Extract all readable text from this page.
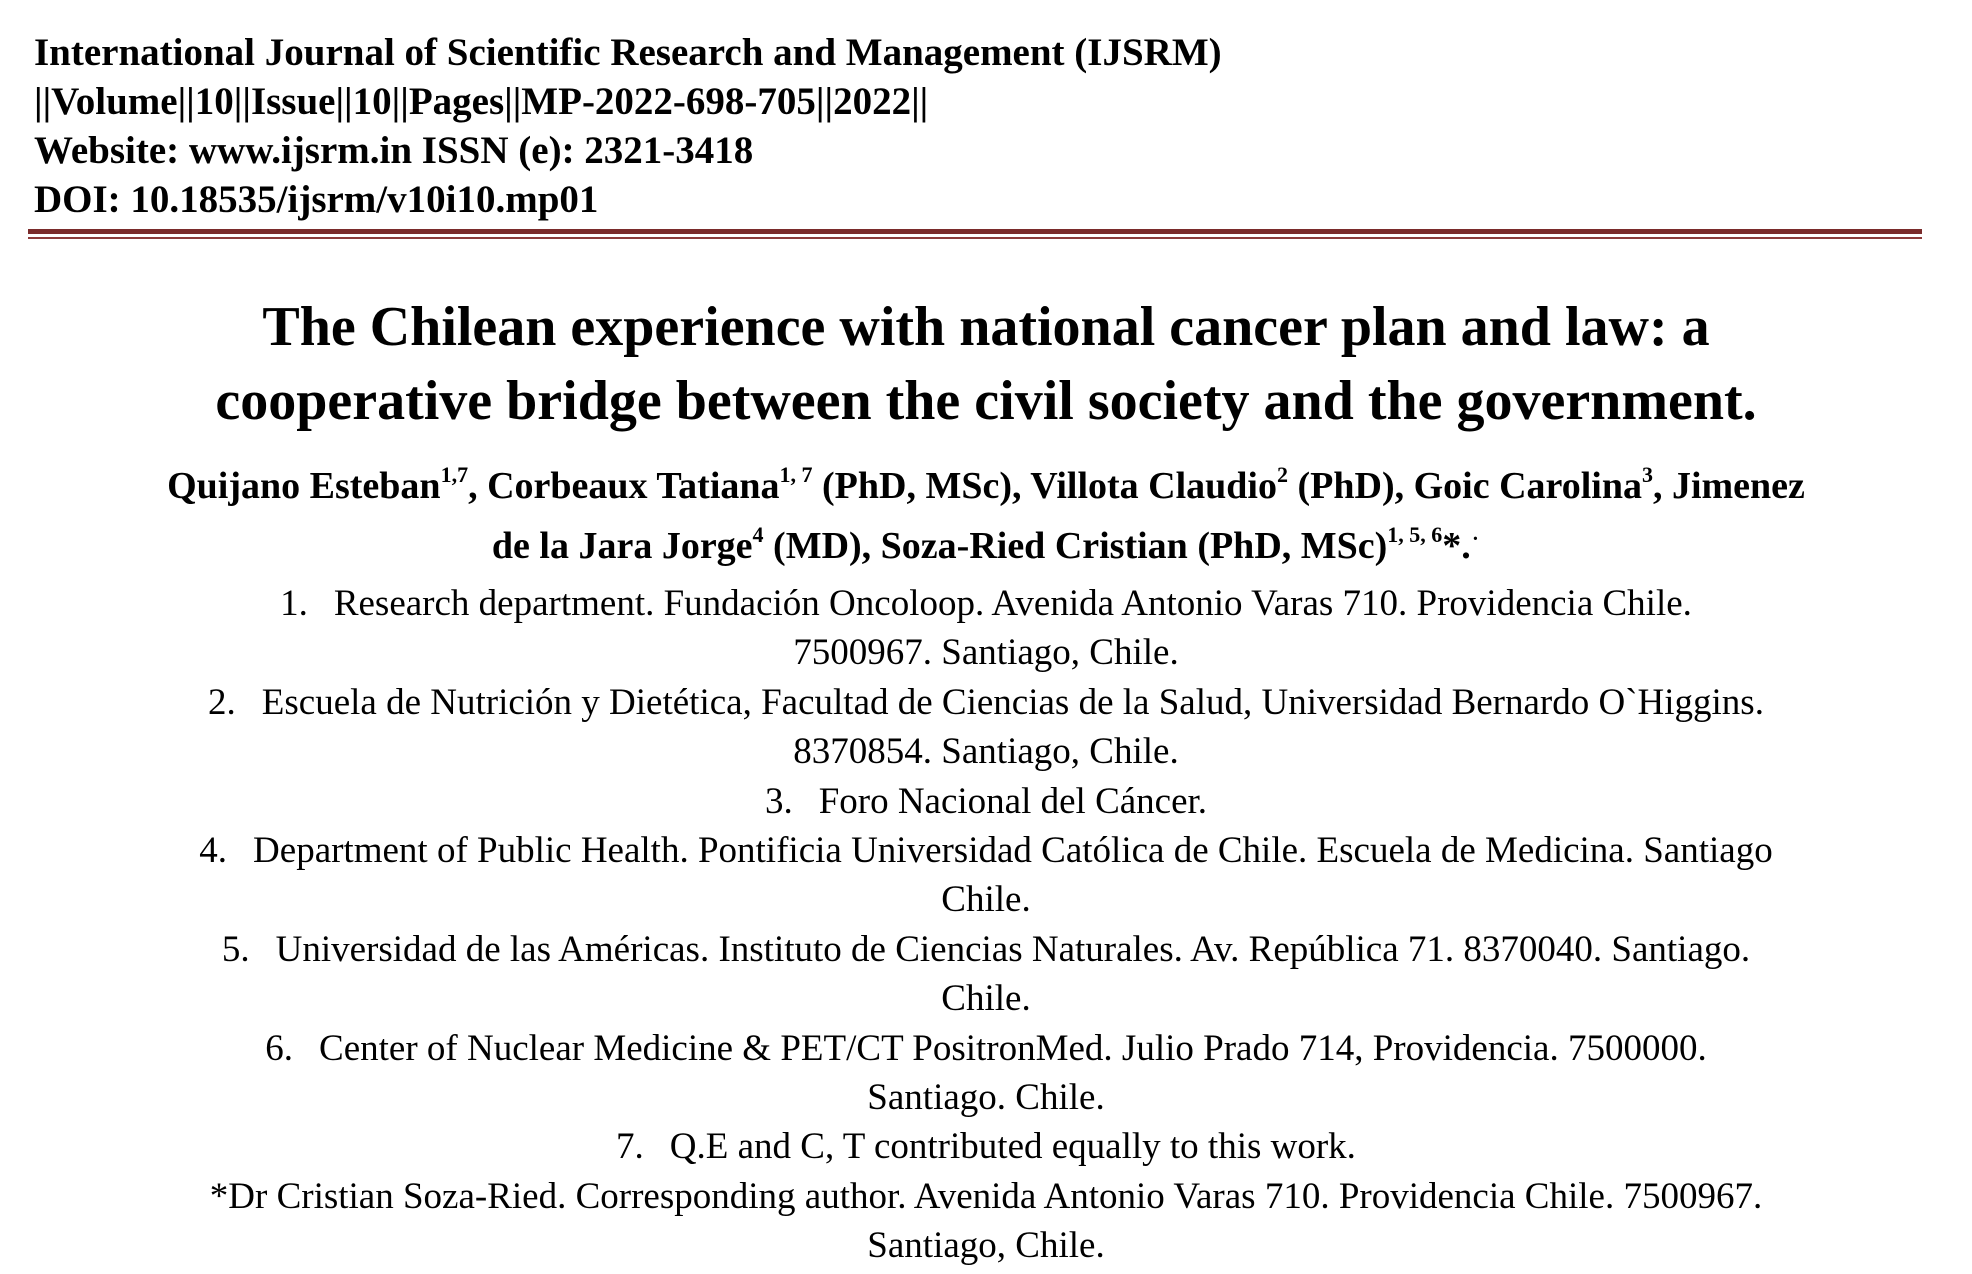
International Journal of Scientific Research and Management (IJSRM)
||Volume||10||Issue||10||Pages||MP-2022-698-705||2022||
Website: www.ijsrm.in ISSN (e): 2321-3418
DOI: 10.18535/ijsrm/v10i10.mp01
The Chilean experience with national cancer plan and law: a
cooperative bridge between the civil society and the government.
Quijano Esteban$^{1,7}$, Corbeaux Tatiana$^{1, 7}$ (PhD, MSc), Villota Claudio$^2$ (PhD), Goic Carolina$^3$, Jimenez
de la Jara Jorge$^4$ (MD), Soza-Ried Cristian (PhD, MSc)$^{1, 5, 6}$*.·
1. Research department. Fundación Oncoloop. Avenida Antonio Varas 710. Providencia Chile.
7500967. Santiago, Chile.
2. Escuela de Nutrición y Dietética, Facultad de Ciencias de la Salud, Universidad Bernardo O`Higgins.
8370854. Santiago, Chile.
3. Foro Nacional del Cáncer.
4. Department of Public Health. Pontificia Universidad Católica de Chile. Escuela de Medicina. Santiago
Chile.
5. Universidad de las Américas. Instituto de Ciencias Naturales. Av. República 71. 8370040. Santiago.
Chile.
6. Center of Nuclear Medicine & PET/CT PositronMed. Julio Prado 714, Providencia. 7500000.
Santiago. Chile.
7. Q.E and C, T contributed equally to this work.
*Dr Cristian Soza-Ried. Corresponding author. Avenida Antonio Varas 710. Providencia Chile. 7500967.
Santiago, Chile.
